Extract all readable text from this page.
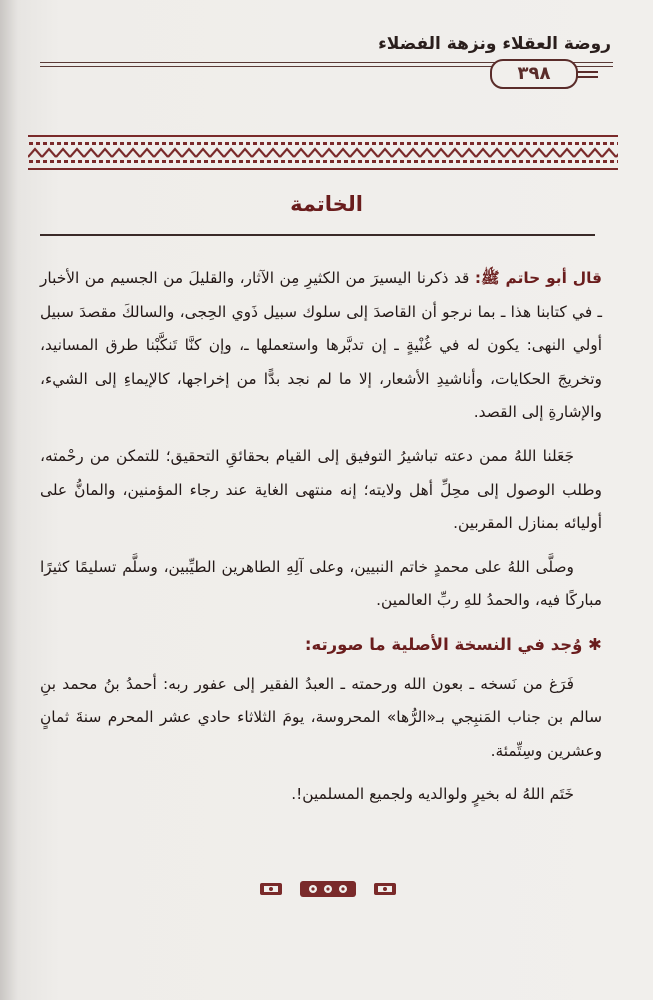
روضة العقلاء ونزهة الفضلاء
٣٩٨
الخاتمة

قال أبو حاتم ﷺ: قد ذكرنا اليسيرَ من الكثيرِ مِن الآثار، والقليلَ من الجسيم من الأخبار ـ في كتابنا هذا ـ بما نرجو أن القاصدَ إلى سلوك سبيل ذَوي الحِجى، والسالكَ مقصدَ سبيل أولي النهى: يكون له في غُنْيةٍ ـ إن تدبَّرها واستعملها ـ، وإن كنَّا تَنكَّبْنا طرق المسانيد، وتخريجَ الحكايات، وأناشيدِ الأشعار، إلا ما لم نجد بدًّا من إخراجها، كالإيماءِ إلى الشيء، والإشارةِ إلى القصد.

جَعَلنا اللهُ ممن دعته تباشيرُ التوفيق إلى القيام بحقائقِ التحقيق؛ للتمكن من رحْمته، وطلب الوصول إلى محِلِّ أهل ولايته؛ إنه منتهى الغاية عند رجاء المؤمنين، والمانُّ على أوليائه بمنازل المقربين.

وصلَّى اللهُ على محمدٍ خاتم النبيين، وعلى آلِهِ الطاهرين الطيِّبين، وسلَّم تسليمًا كثيرًا مباركًا فيه، والحمدُ للهِ ربِّ العالمين.

✱ وُجد في النسخة الأصلية ما صورته:

فَرَغ من نَسخه ـ بعون الله ورحمته ـ العبدُ الفقير إلى عفور ربه: أحمدُ بنُ محمد بنِ سالم بن جناب المَنبِجي بـ«الرُّها» المحروسة، يومَ الثلاثاء حادي عشر المحرم سنةَ ثمانٍ وعشرين وسِتِّمئة.

خَتَم اللهُ له بخيرٍ ولوالديه ولجميع المسلمين!.
